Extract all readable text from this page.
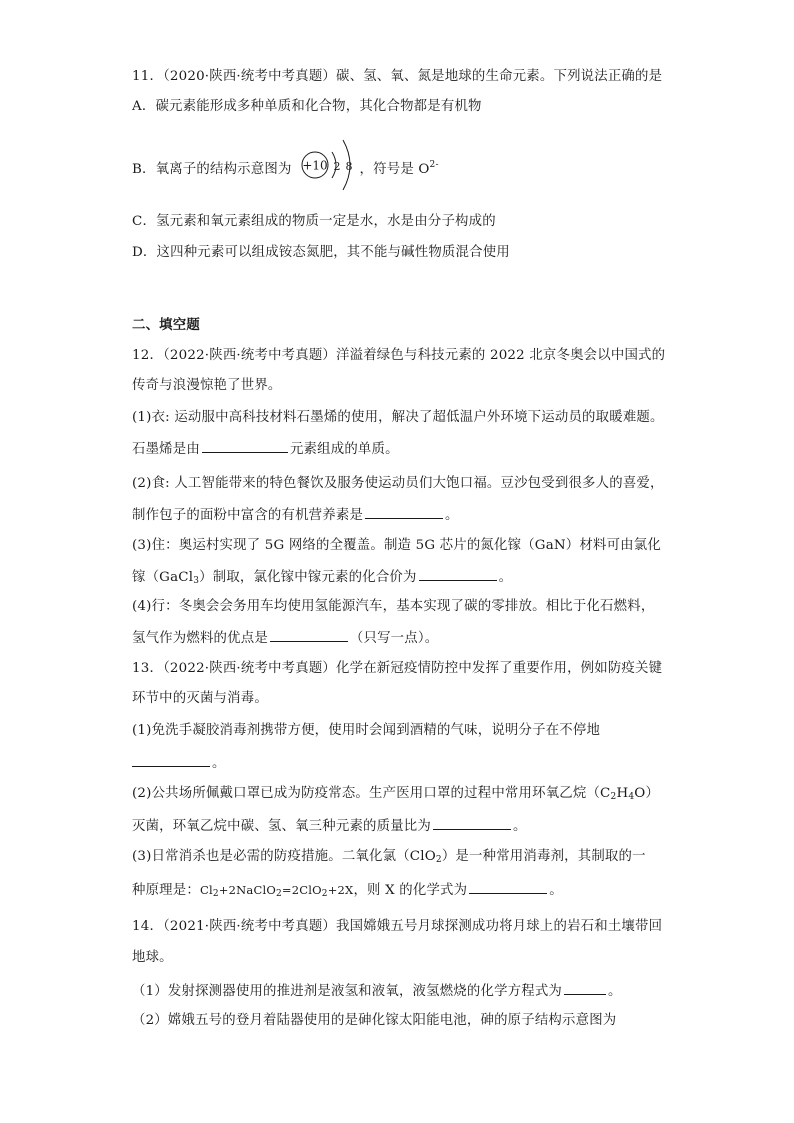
11．（2020·陕西·统考中考真题）碳、氢、氧、氮是地球的生命元素。下列说法正确的是
A．碳元素能形成多种单质和化合物，其化合物都是有机物
B．氧离子的结构示意图为	，符号是 $O^{2-}$
+10 2 8
C．氢元素和氧元素组成的物质一定是水，水是由分子构成的
D．这四种元素可以组成铵态氮肥，其不能与碱性物质混合使用
二、填空题
12．（2022·陕西·统考中考真题）洋溢着绿色与科技元素的 2022 北京冬奥会以中国式的
传奇与浪漫惊艳了世界。
(1)衣: 运动服中高科技材料石墨烯的使用，解决了超低温户外环境下运动员的取暖难题。
石墨烯是由	元素组成的单质。
(2)食: 人工智能带来的特色餐饮及服务使运动员们大饱口福。豆沙包受到很多人的喜爱，
制作包子的面粉中富含的有机营养素是	。
(3)住：奥运村实现了 5G 网络的全覆盖。制造 5G 芯片的氮化镓（GaN）材料可由氯化
镓（GaCl$_3$）制取，氯化镓中镓元素的化合价为	。
(4)行：冬奥会会务用车均使用氢能源汽车，基本实现了碳的零排放。相比于化石燃料，
氢气作为燃料的优点是	（只写一点）。
13．（2022·陕西·统考中考真题）化学在新冠疫情防控中发挥了重要作用，例如防疫关键
环节中的灭菌与消毒。
(1)免洗手凝胶消毒剂携带方便，使用时会闻到酒精的气味，说明分子在不停地
。
(2)公共场所佩戴口罩已成为防疫常态。生产医用口罩的过程中常用环氧乙烷$(C_2H_4O)$
灭菌，环氧乙烷中碳、氢、氧三种元素的质量比为	。
(3)日常消杀也是必需的防疫措施。二氧化氯（ClO$_2$）是一种常用消毒剂，其制取的一
种原理是：$Cl_2+2NaClO_2=2ClO_2+2X$，则 X 的化学式为	。
14．（2021·陕西·统考中考真题）我国嫦娥五号月球探测成功将月球上的岩石和土壤带回
地球。
（1）发射探测器使用的推进剂是液氢和液氧，液氢燃烧的化学方程式为	。
（2）嫦娥五号的登月着陆器使用的是砷化镓太阳能电池，砷的原子结构示意图为
